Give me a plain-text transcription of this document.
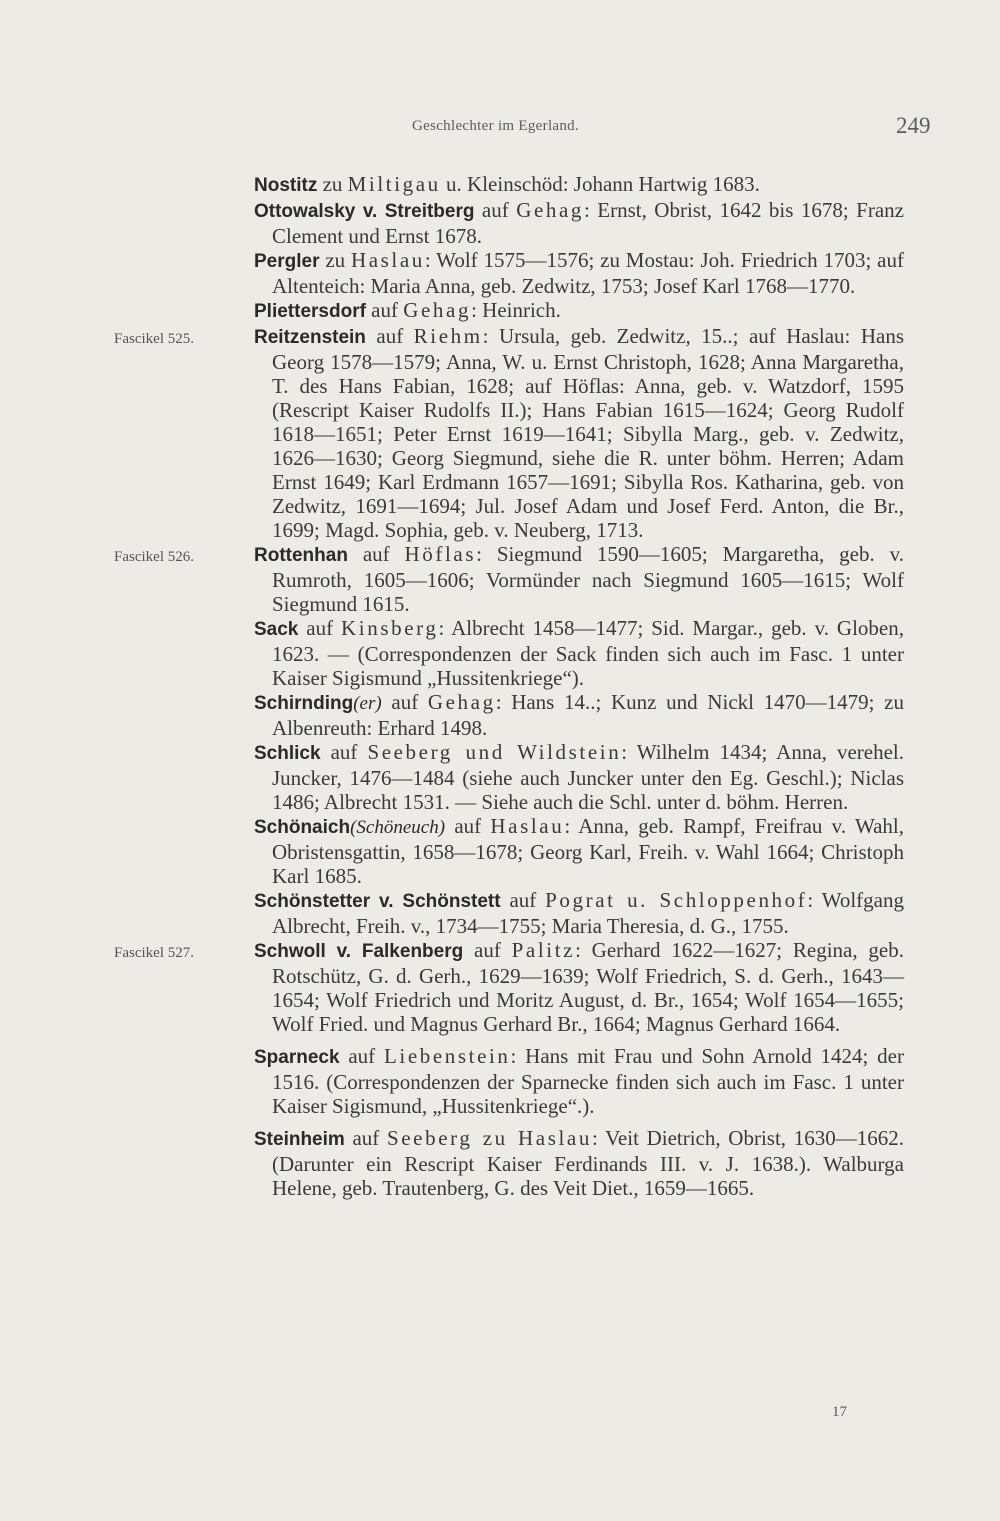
Geschlechter im Egerland.	249

Nostitz zu Miltigau u. Kleinschöd: Johann Hartwig 1683.

Ottowalsky v. Streitberg auf Gehag: Ernst, Obrist, 1642 bis 1678; Franz Clement und Ernst 1678.

Pergler zu Haslau: Wolf 1575—1576; zu Mostau: Joh. Friedrich 1703; auf Altenteich: Maria Anna, geb. Zedwitz, 1753; Josef Karl 1768—1770.

Pliettersdorf auf Gehag: Heinrich.

Fascikel 525.	Reitzenstein auf Riehm: Ursula, geb. Zedwitz, 15..; auf Haslau: Hans Georg 1578—1579; Anna, W. u. Ernst Christoph, 1628; Anna Margaretha, T. des Hans Fabian, 1628; auf Höflas: Anna, geb. v. Watzdorf, 1595 (Rescript Kaiser Rudolfs II.); Hans Fabian 1615—1624; Georg Rudolf 1618—1651; Peter Ernst 1619—1641; Sibylla Marg., geb. v. Zedwitz, 1626—1630; Georg Siegmund, siehe die R. unter böhm. Herren; Adam Ernst 1649; Karl Erdmann 1657—1691; Sibylla Ros. Katharina, geb. von Zedwitz, 1691—1694; Jul. Josef Adam und Josef Ferd. Anton, die Br., 1699; Magd. Sophia, geb. v. Neuberg, 1713.

Fascikel 526.	Rottenhan auf Höflas: Siegmund 1590—1605; Margaretha, geb. v. Rumroth, 1605—1606; Vormünder nach Siegmund 1605—1615; Wolf Siegmund 1615.

Sack auf Kinsberg: Albrecht 1458—1477; Sid. Margar., geb. v. Globen, 1623. — (Correspondenzen der Sack finden sich auch im Fasc. 1 unter Kaiser Sigismund „Hussitenkriege“).

Schirnding(er) auf Gehag: Hans 14..; Kunz und Nickl 1470—1479; zu Albenreuth: Erhard 1498.

Schlick auf Seeberg und Wildstein: Wilhelm 1434; Anna, verehel. Juncker, 1476—1484 (siehe auch Juncker unter den Eg. Geschl.); Niclas 1486; Albrecht 1531. — Siehe auch die Schl. unter d. böhm. Herren.

Schönaich(Schöneuch) auf Haslau: Anna, geb. Rampf, Freifrau v. Wahl, Obristensgattin, 1658—1678; Georg Karl, Freih. v. Wahl 1664; Christoph Karl 1685.

Schönstetter v. Schönstett auf Pograt u. Schloppenhof: Wolfgang Albrecht, Freih. v., 1734—1755; Maria Theresia, d. G., 1755.

Fascikel 527.	Schwoll v. Falkenberg auf Palitz: Gerhard 1622—1627; Regina, geb. Rotschütz, G. d. Gerh., 1629—1639; Wolf Friedrich, S. d. Gerh., 1643—1654; Wolf Friedrich und Moritz August, d. Br., 1654; Wolf 1654—1655; Wolf Fried. und Magnus Gerhard Br., 1664; Magnus Gerhard 1664.

Sparneck auf Liebenstein: Hans mit Frau und Sohn Arnold 1424; der 1516. (Correspondenzen der Sparnecke finden sich auch im Fasc. 1 unter Kaiser Sigismund, „Hussitenkriege“.).

Steinheim auf Seeberg zu Haslau: Veit Dietrich, Obrist, 1630—1662. (Darunter ein Rescript Kaiser Ferdinands III. v. J. 1638.). Walburga Helene, geb. Trautenberg, G. des Veit Diet., 1659—1665.

17
